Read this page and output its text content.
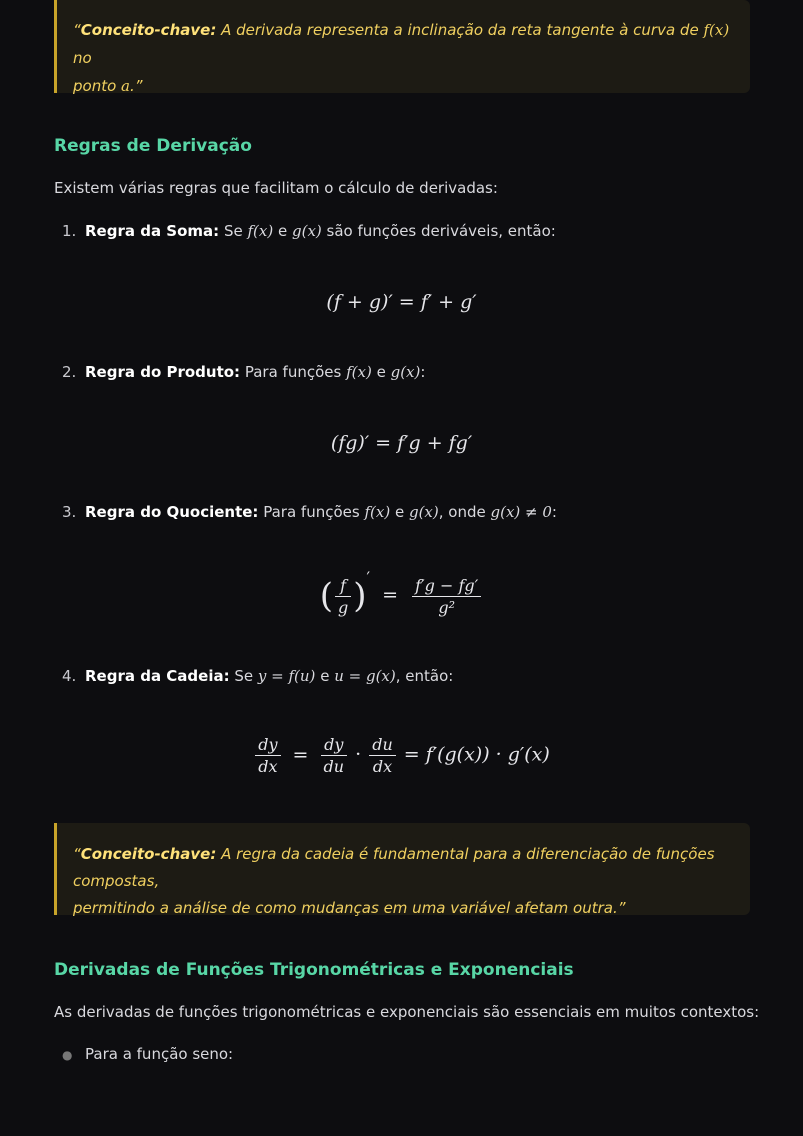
“Conceito-chave: A derivada representa a inclinação da reta tangente à curva de f(x) no
ponto a.”
Regras de Derivação

Existem várias regras que facilitam o cálculo de derivadas:

1. Regra da Soma: Se f(x) e g(x) são funções deriváveis, então:
(f + g)′ = f′ + g′
2. Regra do Produto: Para funções f(x) e g(x):
(fg)′ = f′g + fg′
3. Regra do Quociente: Para funções f(x) e g(x), onde g(x) ≠ 0:
( $\frac{f}{g} )' = \frac{f'g - fg'}{\text{g²}}$
4. Regra da Cadeia: Se y = f(u) e u = g(x), então:
$\frac{dy}{dx} = \frac{dy}{du} \cdot \frac{du}{dx} = f'(g(x)) \cdot g'(x)$
“Conceito-chave: A regra da cadeia é fundamental para a diferenciação de funções compostas,
permitindo a análise de como mudanças em uma variável afetam outra.”
Derivadas de Funções Trigonométricas e Exponenciais

As derivadas de funções trigonométricas e exponenciais são essenciais em muitos contextos:

● Para a função seno:
